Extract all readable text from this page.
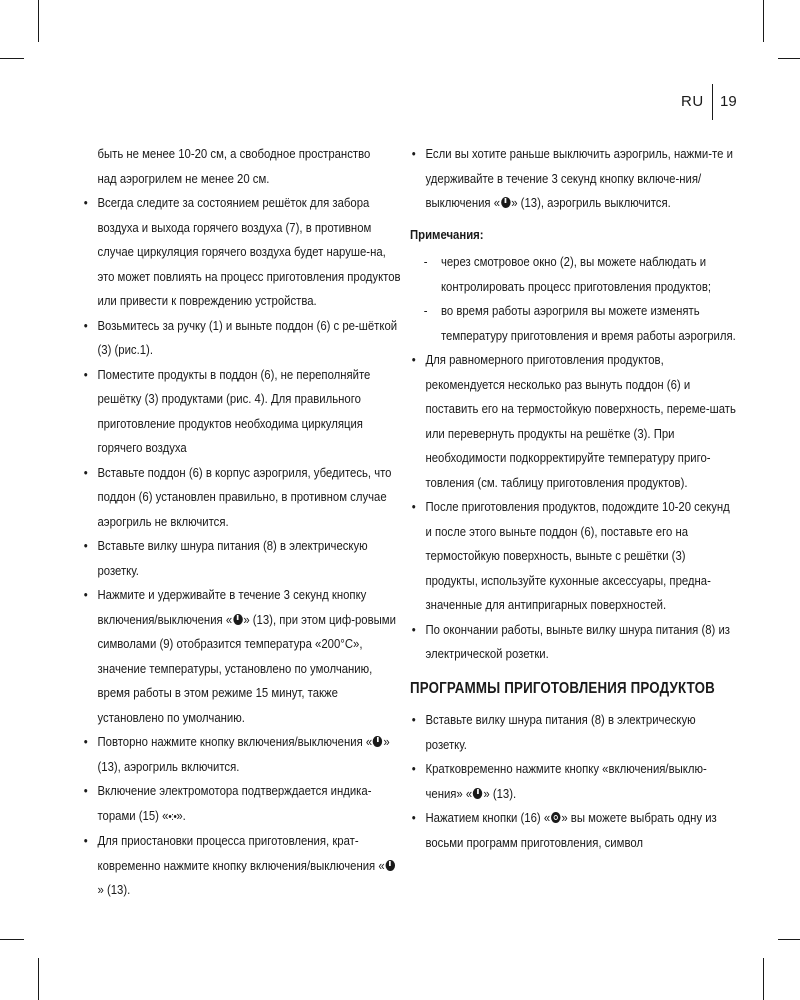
RU 19

быть не менее 10-20 см, а свободное пространство
над аэрогрилем не менее 20 см.

• Всегда следите за состоянием решёток для забора воздуха и выхода горячего воздуха (7), в противном случае циркуляция горячего воздуха будет наруше-на, это может повлиять на процесс приготовления продуктов или привести к повреждению устройства.

• Возьмитесь за ручку (1) и выньте поддон (6) с ре-шёткой (3) (рис.1).

• Поместите продукты в поддон (6), не переполняйте решётку (3) продуктами (рис. 4). Для правильного приготовление продуктов необходима циркуляция горячего воздуха

• Вставьте поддон (6) в корпус аэрогриля, убедитесь, что поддон (6) установлен правильно, в противном случае аэрогриль не включится.

• Вставьте вилку шнура питания (8) в электрическую розетку.

• Нажмите и удерживайте в течение 3 секунд кнопку включения/выключения « » (13), при этом циф-ровыми символами (9) отобразится температура «200°C», значение температуры, установлено по умолчанию, время работы в этом режиме 15 минут, также установлено по умолчанию.

• Повторно нажмите кнопку включения/выключения « » (13), аэрогриль включится.

• Включение электромотора подтверждается индика-торами (15) «•:•».

• Для приостановки процесса приготовления, крат-ковременно нажмите кнопку включения/выключения «» (13).

• Если вы хотите раньше выключить аэрогриль, нажми-те и удерживайте в течение 3 секунд кнопку включе-ния/выключения « » (13), аэрогриль выключится.

Примечания:

- через смотровое окно (2), вы можете наблюдать и контролировать процесс приготовления продуктов;

- во время работы аэрогриля вы можете изменять температуру приготовления и время работы аэрогриля.

• Для равномерного приготовления продуктов, рекомендуется несколько раз вынуть поддон (6) и поставить его на термостойкую поверхность, переме-шать или перевернуть продукты на решётке (3). При необходимости подкорректируйте температуру приго-товления (см. таблицу приготовления продуктов).

• После приготовления продуктов, подождите 10-20 секунд и после этого выньте поддон (6), поставьте его на термостойкую поверхность, выньте с решётки (3) продукты, используйте кухонные аксессуары, предна-значенные для антипригарных поверхностей.

• По окончании работы, выньте вилку шнура питания (8) из электрической розетки.

ПРОГРАММЫ ПРИГОТОВЛЕНИЯ ПРОДУКТОВ

• Вставьте вилку шнура питания (8) в электрическую розетку.

• Кратковременно нажмите кнопку «включения/выклю-чения» « » (13).

• Нажатием кнопки (16) « » вы можете выбрать одну из восьми программ приготовления, символ
